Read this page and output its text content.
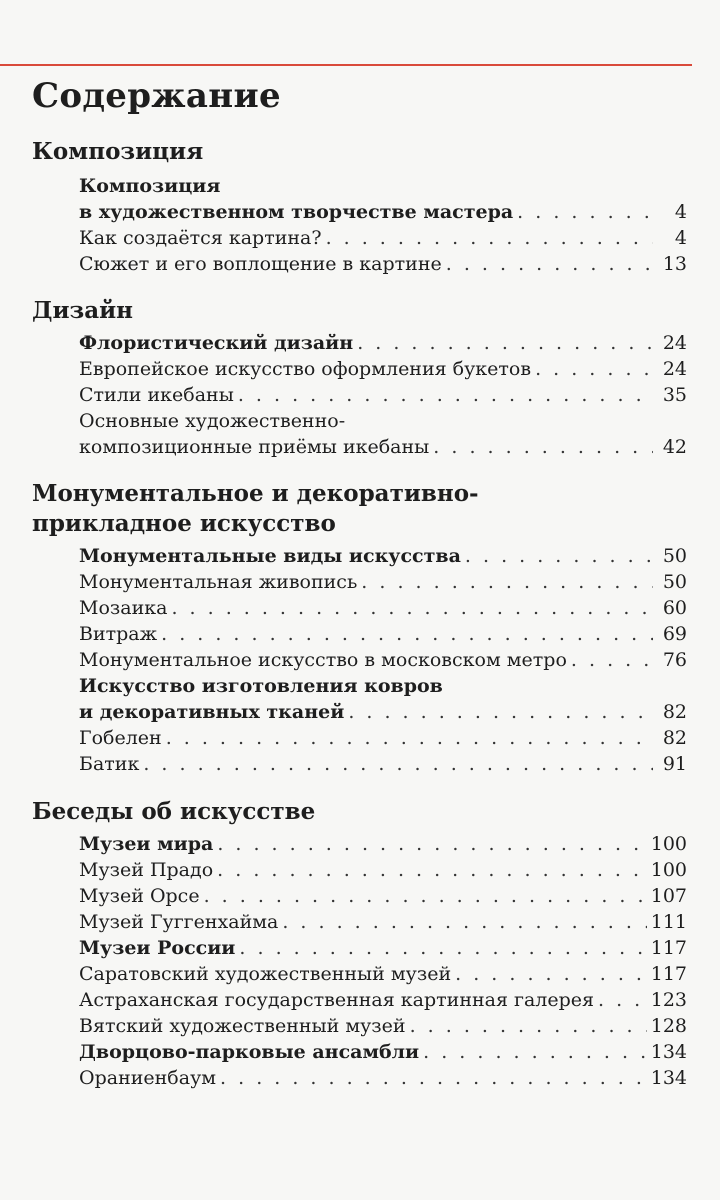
Содержание
Композиция
Композиция
в художественном творчестве мастера . . .	4
Как создаётся картина? . . .	4
Сюжет и его воплощение в картине . . .	13
Дизайн
Флористический дизайн . . .	24
Европейское искусство оформления букетов . . .	24
Стили икебаны . . .	35
Основные художественно-
композиционные приёмы икебаны . . .	42
Монументальное и декоративно-
прикладное искусство
Монументальные виды искусства . . .	50
Монументальная живопись . . .	50
Мозаика . . .	60
Витраж . . .	69
Монументальное искусство в московском метро . . .	76
Искусство изготовления ковров
и декоративных тканей . . .	82
Гобелен . . .	82
Батик . . .	91
Беседы об искусстве
Музеи мира . . .	100
Музей Прадо . . .	100
Музей Орсе . . .	107
Музей Гуггенхайма . . .	111
Музеи России . . .	117
Саратовский художественный музей . . .	117
Астраханская государственная картинная галерея . . .	123
Вятский художественный музей . . .	128
Дворцово-парковые ансамбли . . .	134
Ораниенбаум . . .	134
